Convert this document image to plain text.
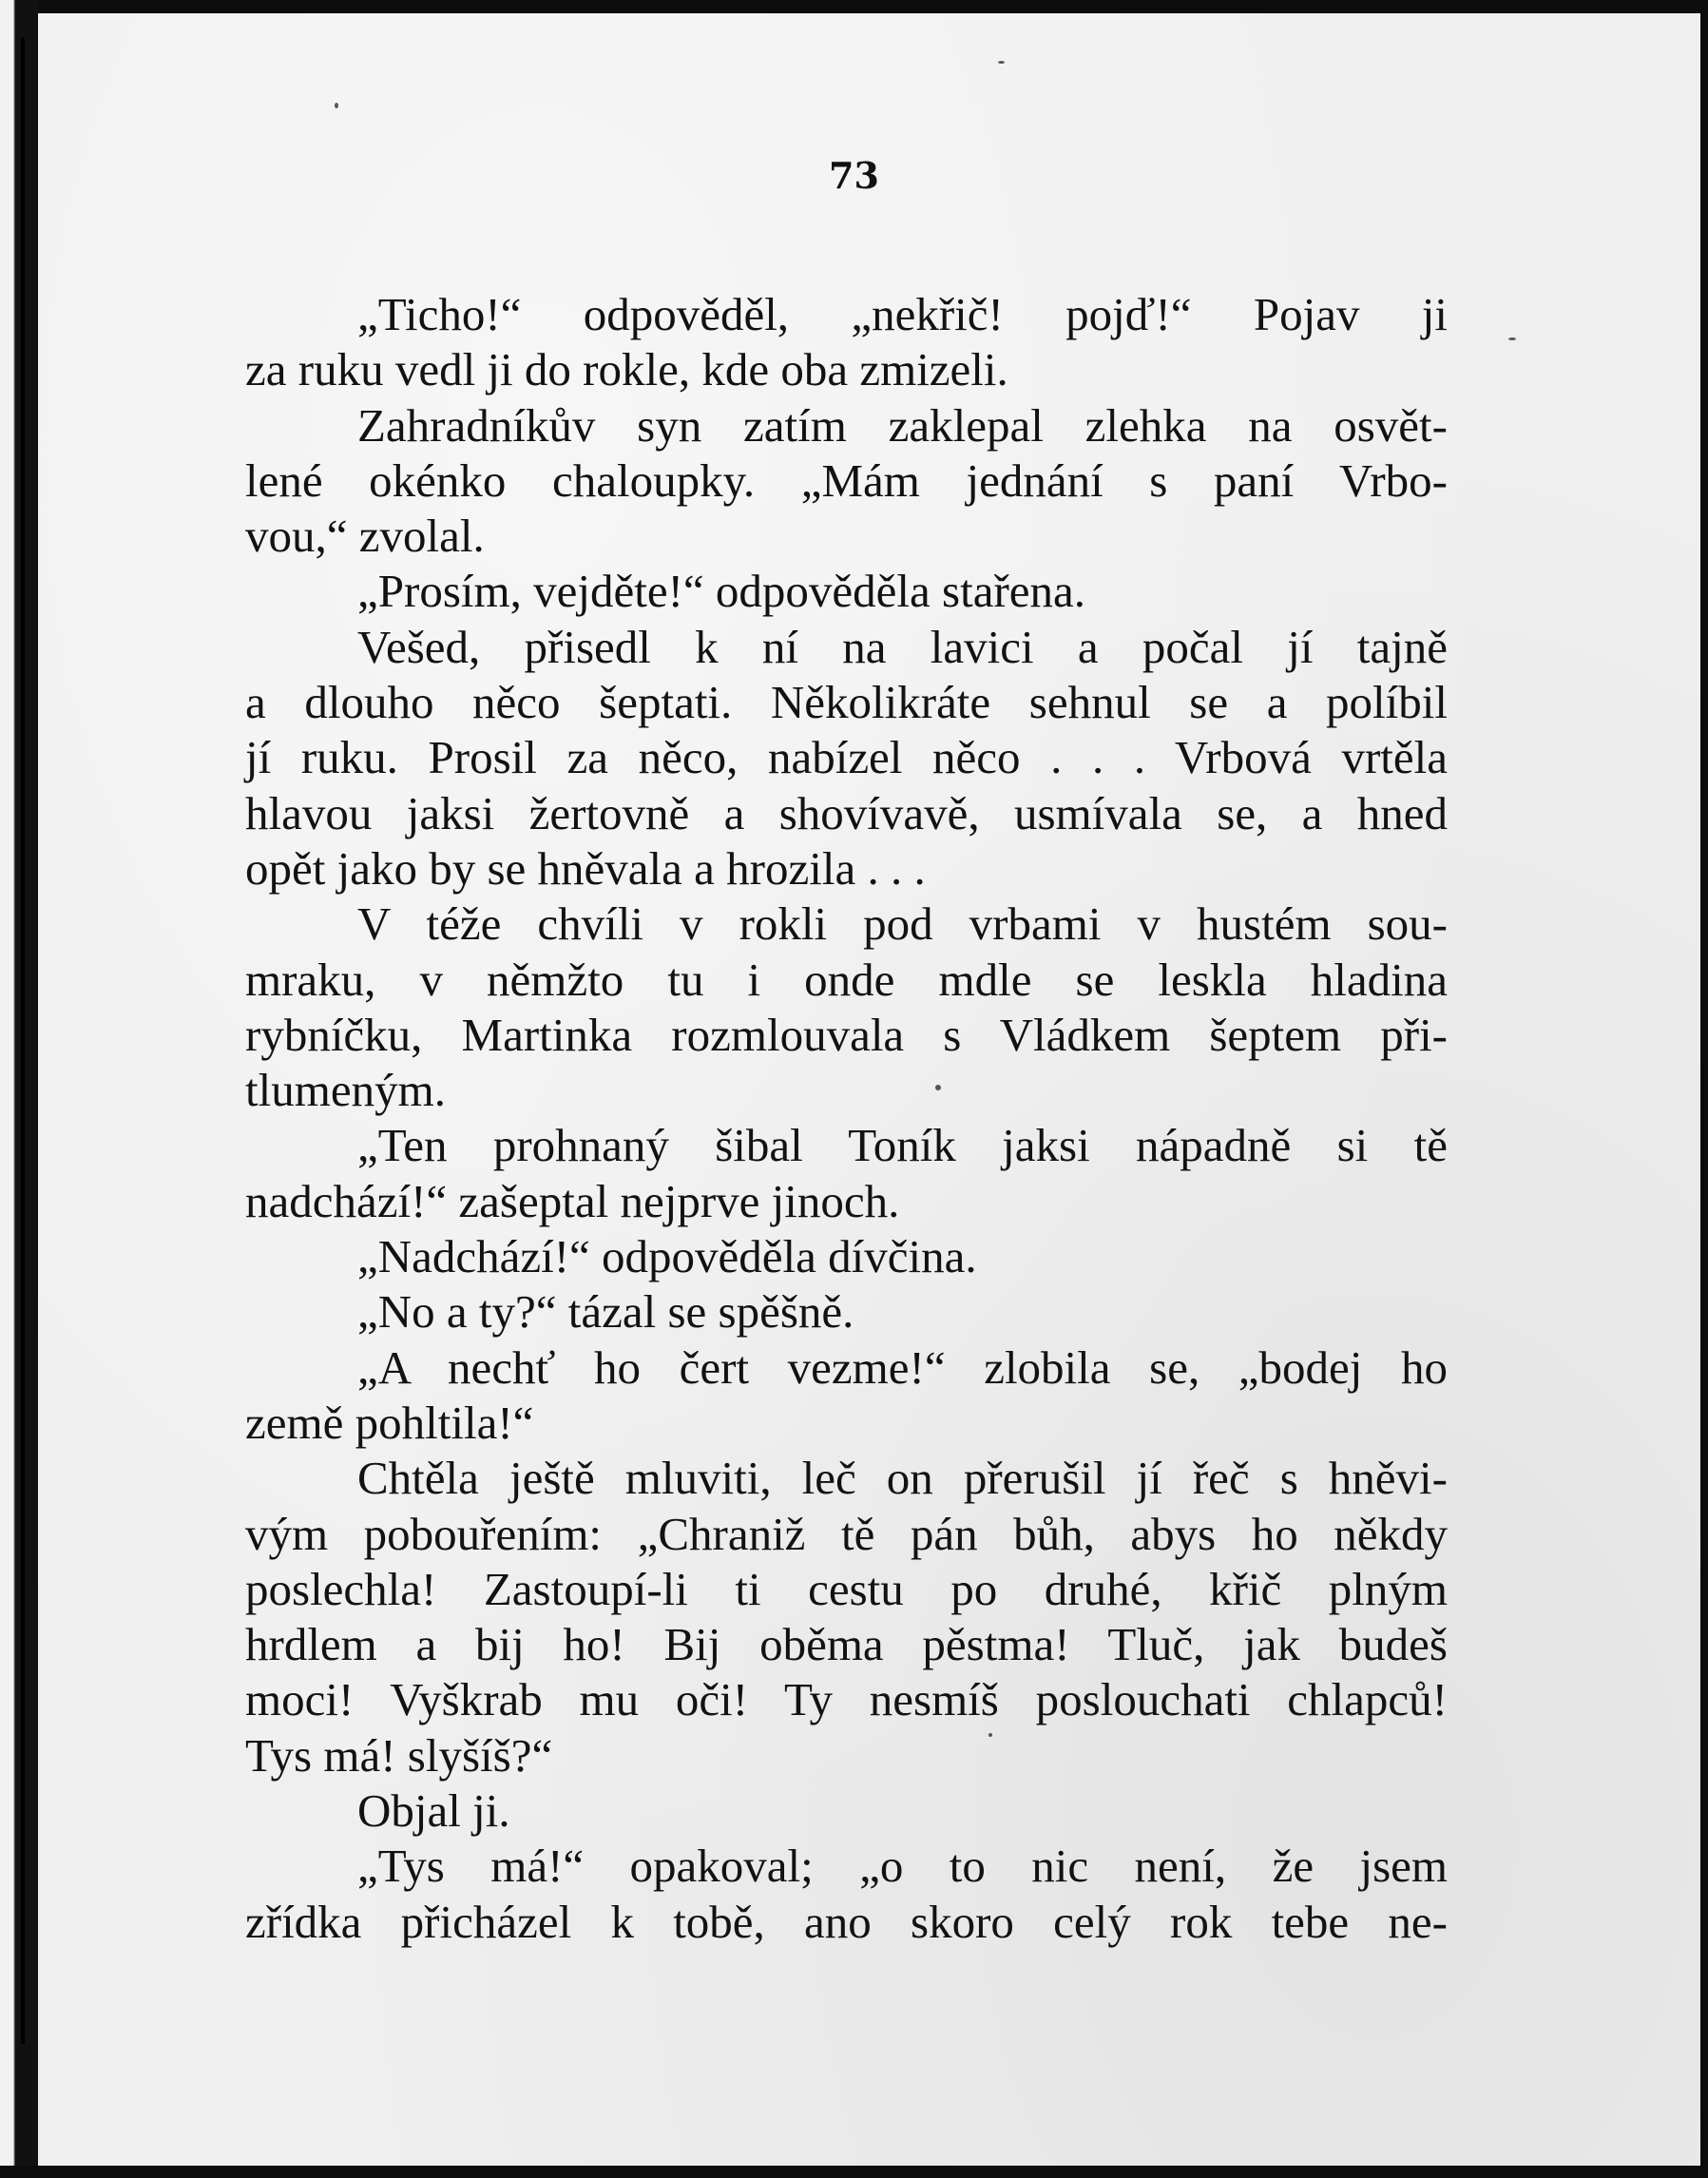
73
„Ticho!“ odpověděl, „nekřič! pojď!“ Pojav ji
za ruku vedl ji do rokle, kde oba zmizeli.
Zahradníkův syn zatím zaklepal zlehka na osvět-
lené okénko chaloupky. „Mám jednání s paní Vrbo-
vou,“ zvolal.
„Prosím, vejděte!“ odpověděla stařena.
Vešed, přisedl k ní na lavici a počal jí tajně
a dlouho něco šeptati. Několikráte sehnul se a políbil
jí ruku. Prosil za něco, nabízel něco . . . Vrbová vrtěla
hlavou jaksi žertovně a shovívavě, usmívala se, a hned
opět jako by se hněvala a hrozila . . .
V téže chvíli v rokli pod vrbami v hustém sou-
mraku, v němžto tu i onde mdle se leskla hladina
rybníčku, Martinka rozmlouvala s Vládkem šeptem při-
tlumeným.
„Ten prohnaný šibal Toník jaksi nápadně si tě
nadchází!“ zašeptal nejprve jinoch.
„Nadchází!“ odpověděla dívčina.
„No a ty?“ tázal se spěšně.
„A nechť ho čert vezme!“ zlobila se, „bodej ho
země pohltila!“
Chtěla ještě mluviti, leč on přerušil jí řeč s hněvi-
vým pobouřením: „Chraniž tě pán bůh, abys ho někdy
poslechla! Zastoupí-li ti cestu po druhé, křič plným
hrdlem a bij ho! Bij oběma pěstma! Tluč, jak budeš
moci! Vyškrab mu oči! Ty nesmíš poslouchati chlapců!
Tys má! slyšíš?“
Objal ji.
„Tys má!“ opakoval; „o to nic není, že jsem
zřídka přicházel k tobě, ano skoro celý rok tebe ne-
